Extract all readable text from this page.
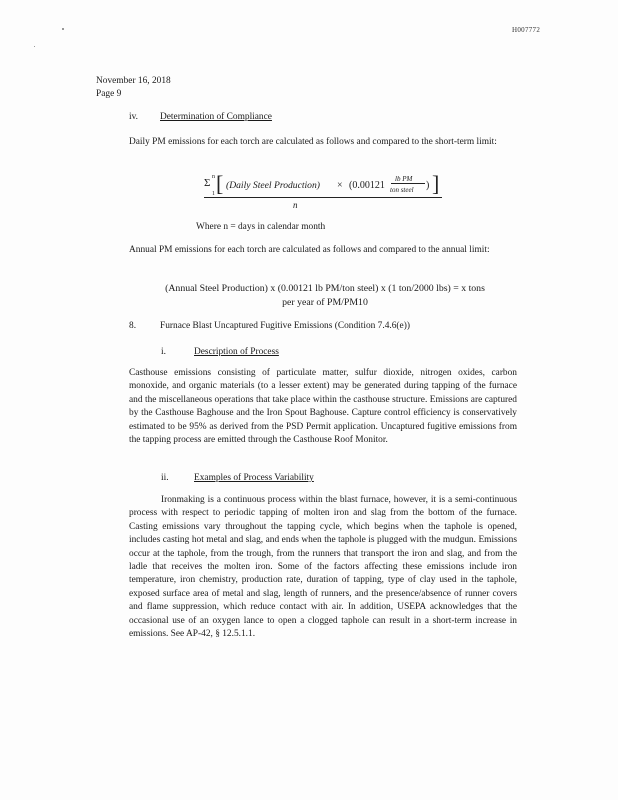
H007772
November 16, 2018
Page 9
iv. Determination of Compliance
Daily PM emissions for each torch are calculated as follows and compared to the short-term limit:
Σ n
1 [ (Daily Steel Production) × (0.00121
lb PM
ton steel ) ]
n
Where n = days in calendar month
Annual PM emissions for each torch are calculated as follows and compared to the annual limit:
(Annual Steel Production) x (0.00121 lb PM/ton steel) x (1 ton/2000 lbs) = x tons
per year of PM/PM10
8.	Furnace Blast Uncaptured Fugitive Emissions (Condition 7.4.6(e))
i.	Description of Process
Casthouse emissions consisting of particulate matter, sulfur dioxide, nitrogen oxides, carbon monoxide, and organic materials (to a lesser extent) may be generated during tapping of the furnace and the miscellaneous operations that take place within the casthouse structure. Emissions are captured by the Casthouse Baghouse and the Iron Spout Baghouse. Capture control efficiency is conservatively estimated to be 95% as derived from the PSD Permit application. Uncaptured fugitive emissions from the tapping process are emitted through the Casthouse Roof Monitor.
ii.	Examples of Process Variability
Ironmaking is a continuous process within the blast furnace, however, it is a semi-continuous process with respect to periodic tapping of molten iron and slag from the bottom of the furnace. Casting emissions vary throughout the tapping cycle, which begins when the taphole is opened, includes casting hot metal and slag, and ends when the taphole is plugged with the mudgun. Emissions occur at the taphole, from the trough, from the runners that transport the iron and slag, and from the ladle that receives the molten iron. Some of the factors affecting these emissions include iron temperature, iron chemistry, production rate, duration of tapping, type of clay used in the taphole, exposed surface area of metal and slag, length of runners, and the presence/absence of runner covers and flame suppression, which reduce contact with air. In addition, USEPA acknowledges that the occasional use of an oxygen lance to open a clogged taphole can result in a short-term increase in emissions. See AP-42, § 12.5.1.1.
